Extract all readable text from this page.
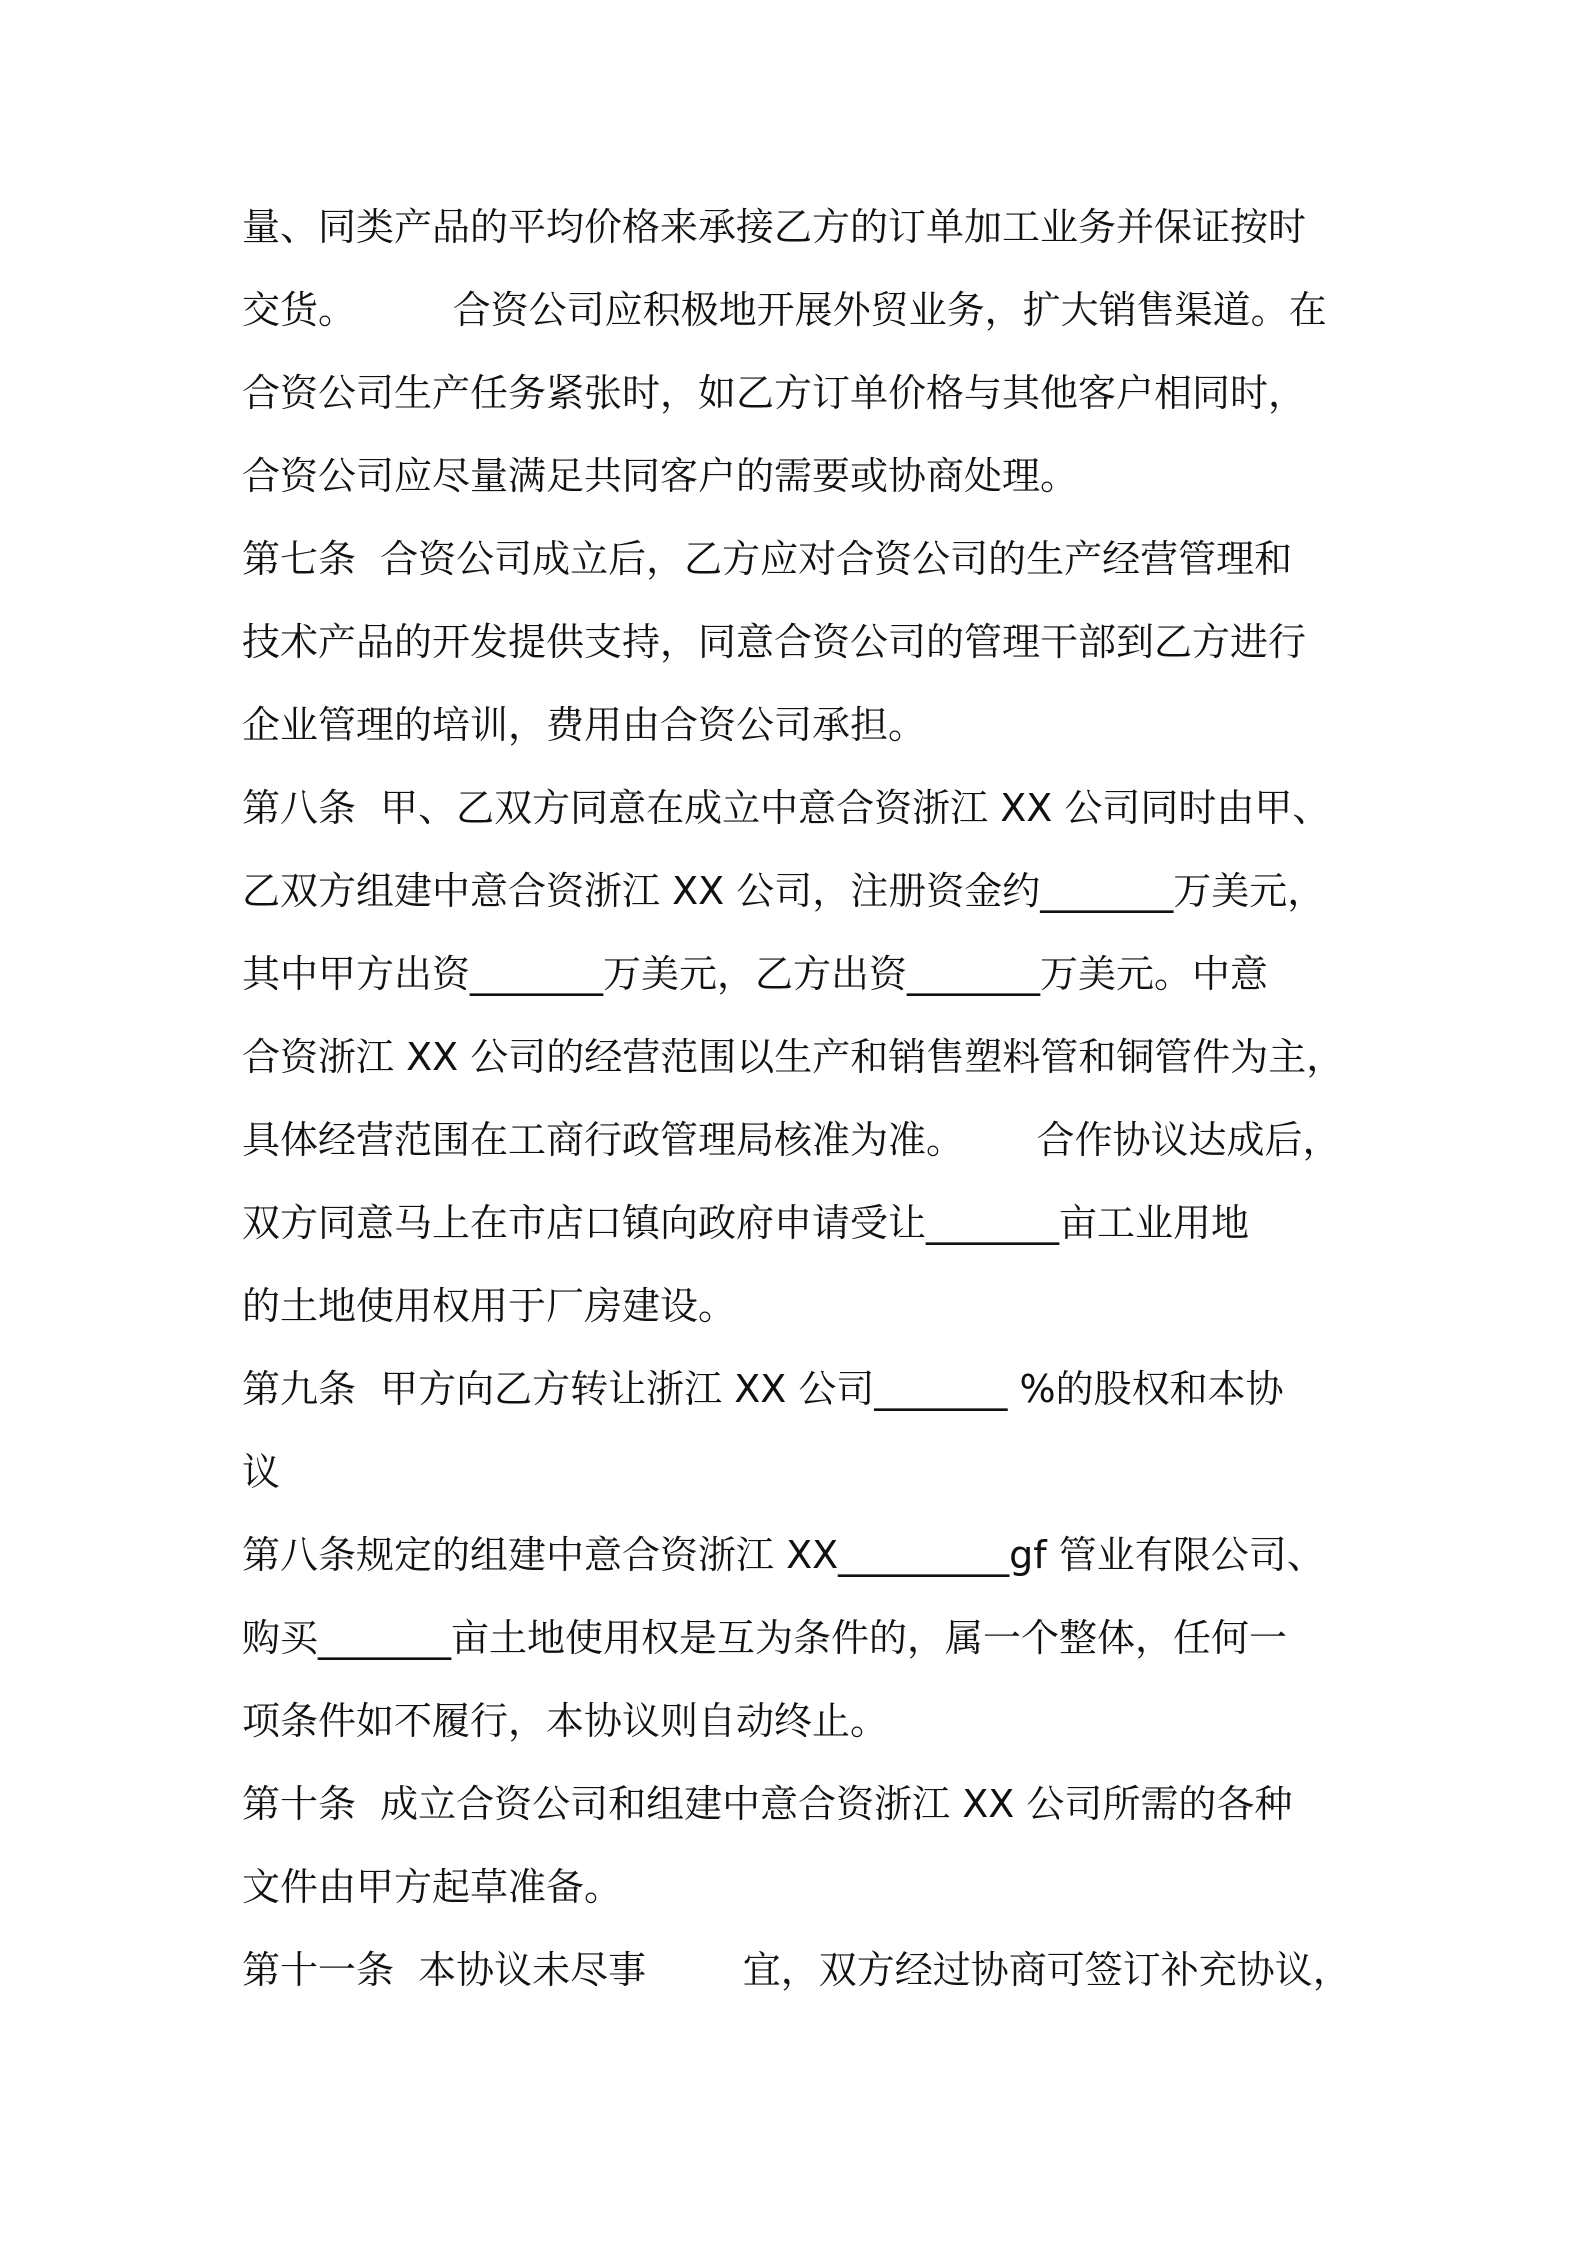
量、同类产品的平均价格来承接乙方的订单加工业务并保证按时

交货。        合资公司应积极地开展外贸业务，扩大销售渠道。在

合资公司生产任务紧张时，如乙方订单价格与其他客户相同时，

合资公司应尽量满足共同客户的需要或协商处理。

第七条  合资公司成立后，乙方应对合资公司的生产经营管理和

技术产品的开发提供支持，同意合资公司的管理干部到乙方进行

企业管理的培训，费用由合资公司承担。

第八条  甲、乙双方同意在成立中意合资浙江 XX 公司同时由甲、

乙双方组建中意合资浙江 XX 公司，注册资金约_______万美元，

其中甲方出资_______万美元，乙方出资_______万美元。中意

合资浙江 XX 公司的经营范围以生产和销售塑料管和铜管件为主，

具体经营范围在工商行政管理局核准为准。      合作协议达成后，

双方同意马上在市店口镇向政府申请受让_______亩工业用地

的土地使用权用于厂房建设。

第九条  甲方向乙方转让浙江 XX 公司_______ %的股权和本协

议

第八条规定的组建中意合资浙江 XX_________gf 管业有限公司、

购买_______亩土地使用权是互为条件的，属一个整体，任何一

项条件如不履行，本协议则自动终止。

第十条  成立合资公司和组建中意合资浙江 XX 公司所需的各种

文件由甲方起草准备。

第十一条  本协议未尽事        宜，双方经过协商可签订补充协议，
